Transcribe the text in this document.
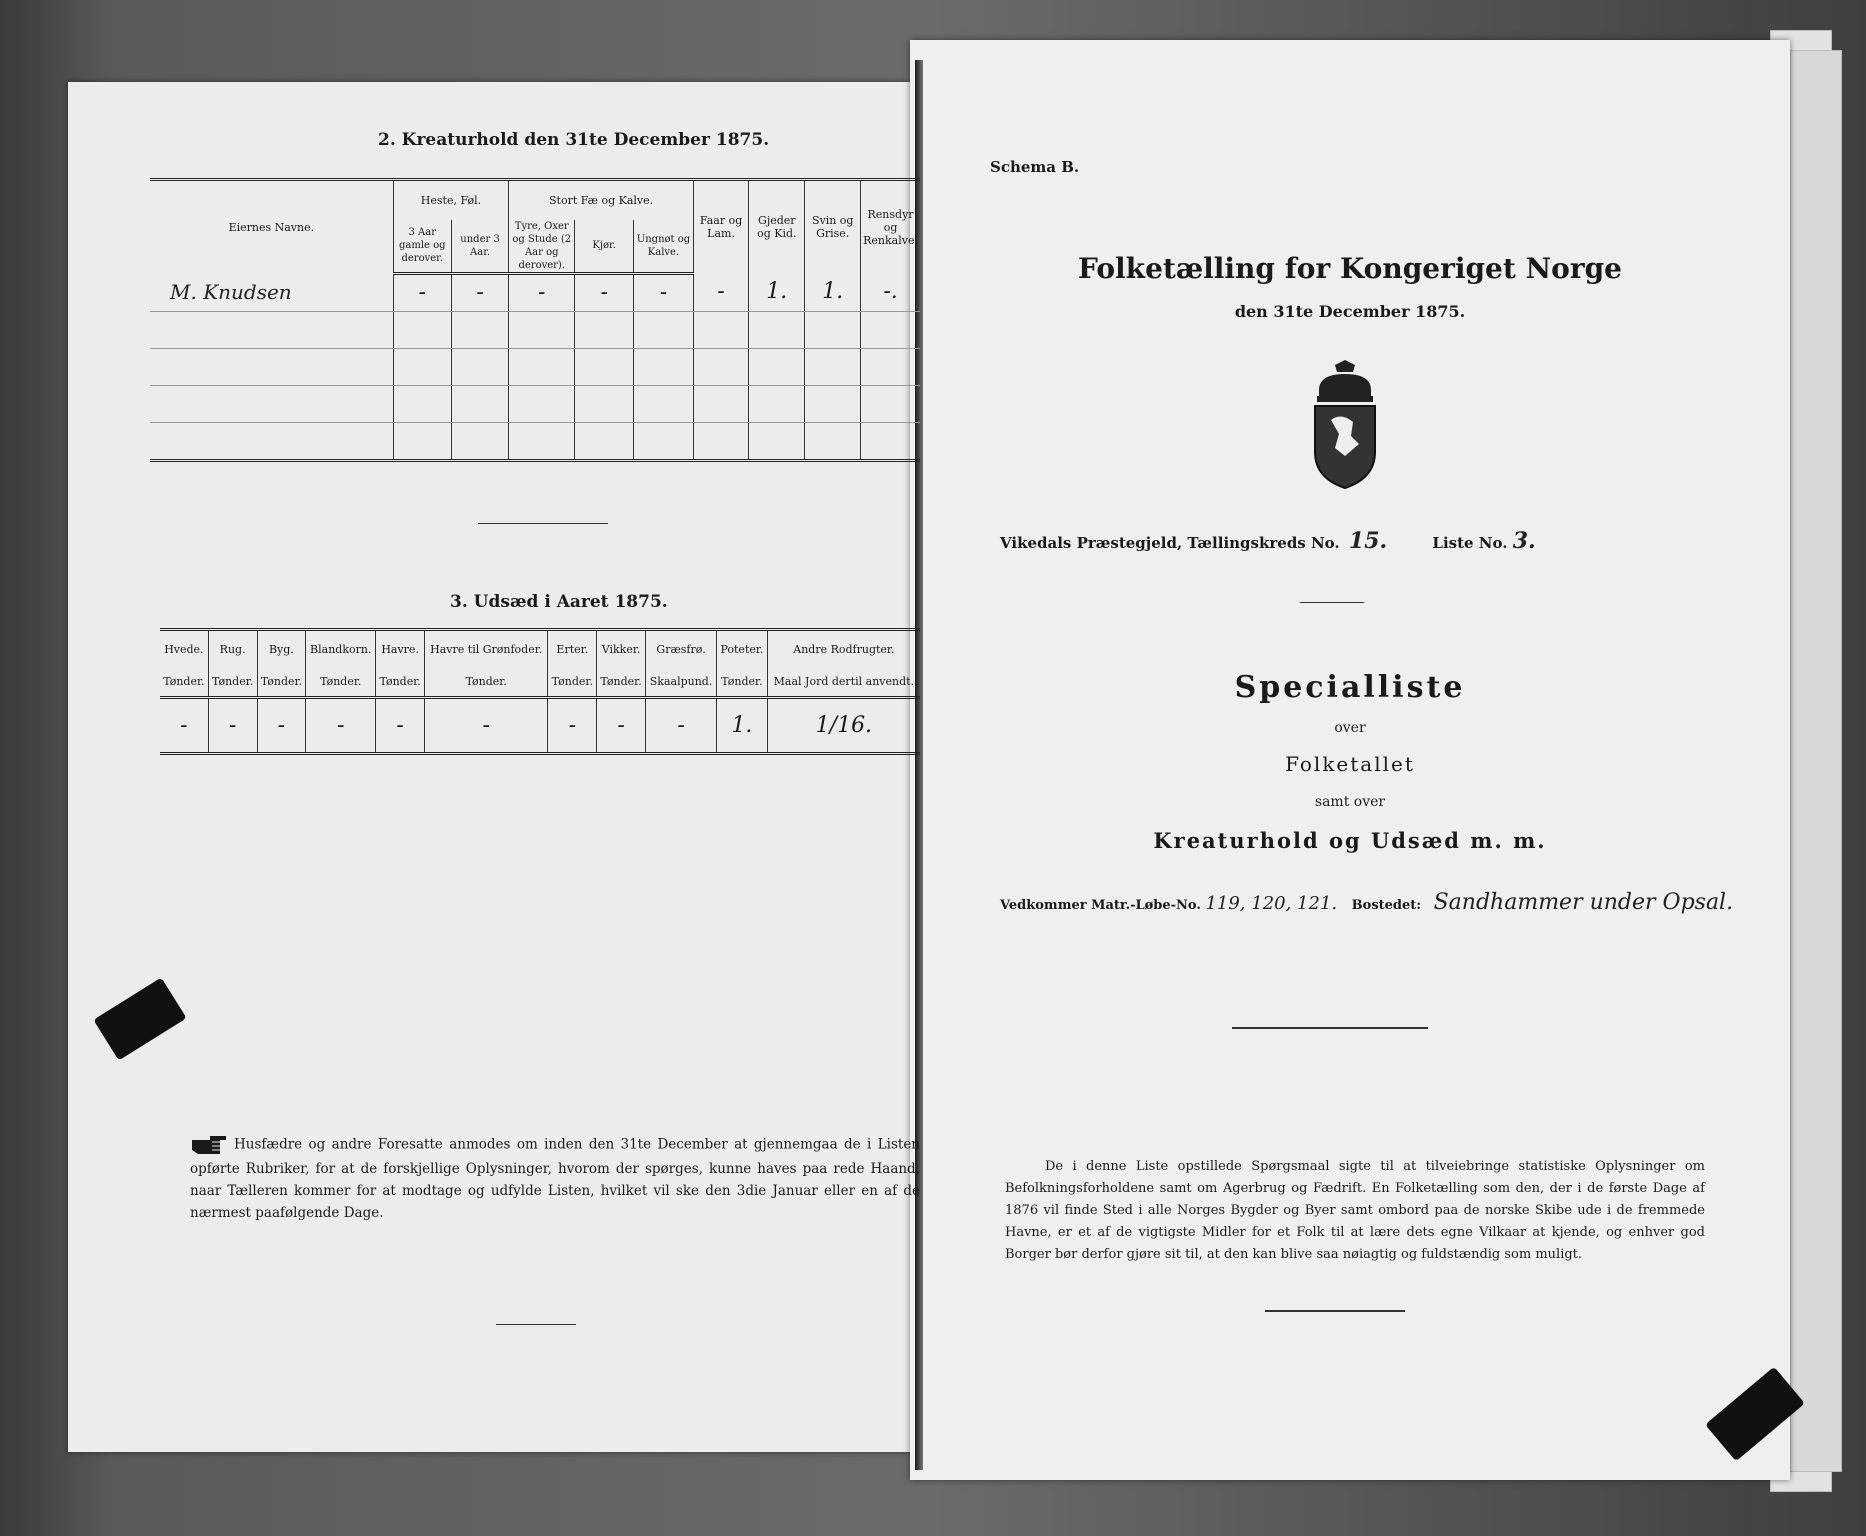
2. Kreaturhold den 31te December 1875.
Eiernes Navne.	Heste, Føl.		Stort Fæ og Kalve.			Faar og Lam.	Gjeder og Kid.	Svin og Grise.	Rensdyr og Renkalve.
	3 Aar gamle og derover.	under 3 Aar.	Tyre, Oxer og Stude (2 Aar og derover).	Kjør.	Ungnøt og Kalve.				
M. Knudsen	-	-	-	-	-	-	1.	1.	-.

3. Udsæd i Aaret 1875.
Hvede.	Rug.	Byg.	Blandkorn.	Havre.	Havre til Grønfoder.	Erter.	Vikker.	Græsfrø.	Poteter.	Andre Rodfrugter.
Tønder.	Tønder.	Tønder.	Tønder.	Tønder.	Tønder.	Tønder.	Tønder.	Skaalpund.	Tønder.	Maal Jord dertil anvendt.
-	-	-	-	-	-	-	-	-	1.	1/16.
Husfædre og andre Foresatte anmodes om inden den 31te December at gjennemgaa de i Listen opførte Rubriker, for at de forskjellige Oplysninger, hvorom der spørges, kunne haves paa rede Haand, naar Tælleren kommer for at modtage og udfylde Listen, hvilket vil ske den 3die Januar eller en af de nærmest paafølgende Dage.
Schema B.
Folketælling for Kongeriget Norge
den 31te December 1875.
Vikedals Præstegjeld, Tællingskreds No. 15.	Liste No. 3.
Specialliste
over
Folketallet
samt over
Kreaturhold og Udsæd m. m.
Vedkommer Matr.-Løbe-No. 119, 120, 121. Bostedet: Sandhammer under Opsal.
De i denne Liste opstillede Spørgsmaal sigte til at tilveiebringe statistiske Oplysninger om Befolkningsforholdene samt om Agerbrug og Fædrift. En Folketælling som den, der i de første Dage af 1876 vil finde Sted i alle Norges Bygder og Byer samt ombord paa de norske Skibe ude i de fremmede Havne, er et af de vigtigste Midler for et Folk til at lære dets egne Vilkaar at kjende, og enhver god Borger bør derfor gjøre sit til, at den kan blive saa nøiagtig og fuldstændig som muligt.
